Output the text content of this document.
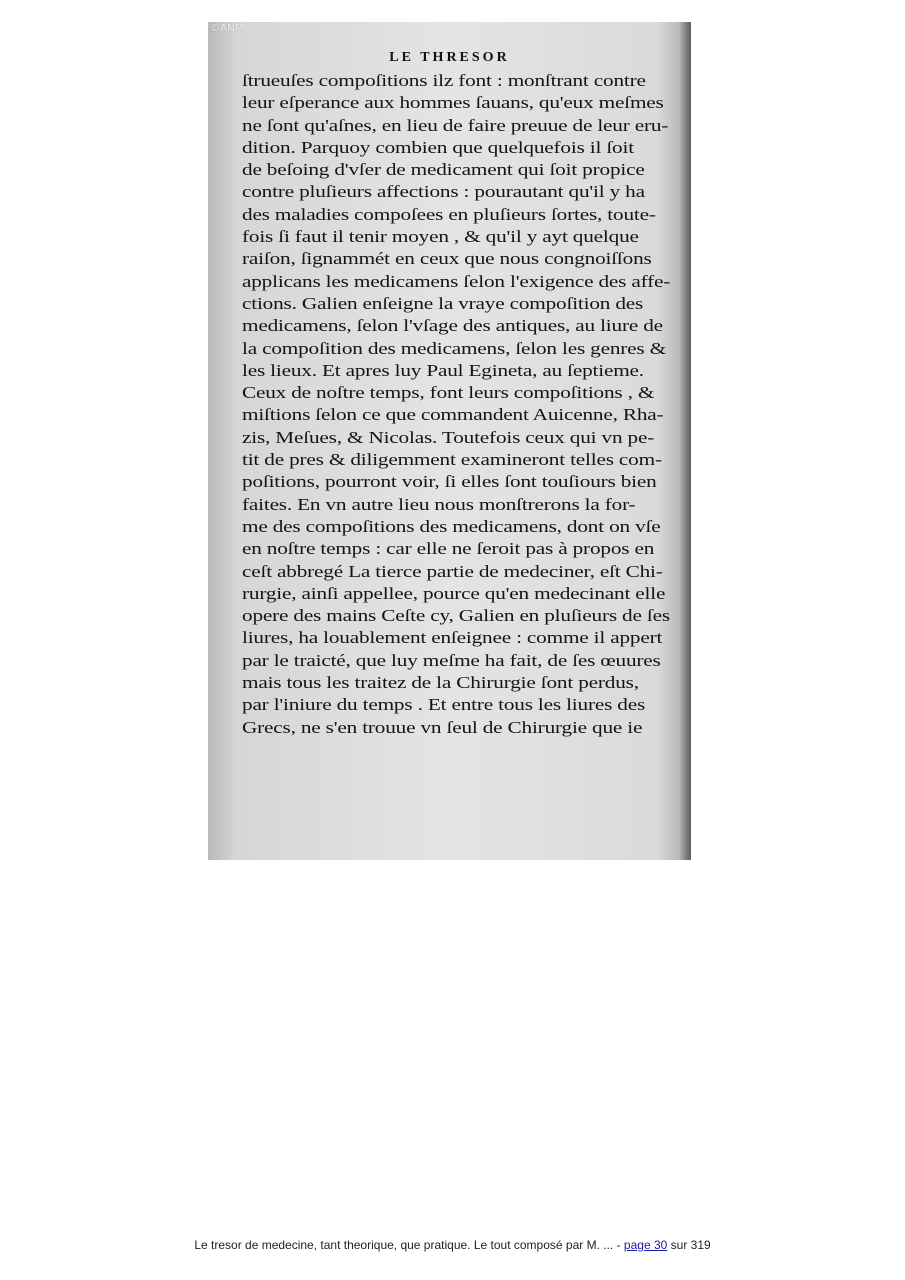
©ANM
LE THRESOR
ſtrueuſes compoſitions ilz font : monſtrant contre
leur eſperance aux hommes ſauans, qu'eux meſmes
ne ſont qu'aſnes, en lieu de faire preuue de leur eru-
dition. Parquoy combien que quelquefois il ſoit
de beſoing d'vſer de medicament qui ſoit propice
contre pluſieurs affections : pourautant qu'il y ha
des maladies compoſees en pluſieurs ſortes, toute-
fois ſi faut il tenir moyen , & qu'il y ayt quelque
raiſon, ſignammét en ceux que nous congnoiſſons
applicans les medicamens ſelon l'exigence des affe-
ctions. Galien enſeigne la vraye compoſition des
medicamens, ſelon l'vſage des antiques, au liure de
la compoſition des medicamens, ſelon les genres &
les lieux. Et apres luy Paul Egineta, au ſeptieme.
Ceux de noſtre temps, font leurs compoſitions , &
miſtions ſelon ce que commandent Auicenne, Rha-
zis, Meſues, & Nicolas. Toutefois ceux qui vn pe-
tit de pres & diligemment examineront telles com-
poſitions, pourront voir, ſi elles ſont touſiours bien
faites. En vn autre lieu nous monſtrerons la for-
me des compoſitions des medicamens, dont on vſe
en noſtre temps : car elle ne ſeroit pas à propos en
ceſt abbregé La tierce partie de medeciner, eſt Chi-
rurgie, ainſi appellee, pource qu'en medecinant elle
opere des mains Ceſte cy, Galien en pluſieurs de ſes
liures, ha louablement enſeignee : comme il appert
par le traicté, que luy meſme ha fait, de ſes œuures
mais tous les traitez de la Chirurgie ſont perdus,
par l'iniure du temps . Et entre tous les liures des
Grecs, ne s'en trouue vn ſeul de Chirurgie que ie
Le tresor de medecine, tant theorique, que pratique. Le tout composé par M. ... - page 30 sur 319
